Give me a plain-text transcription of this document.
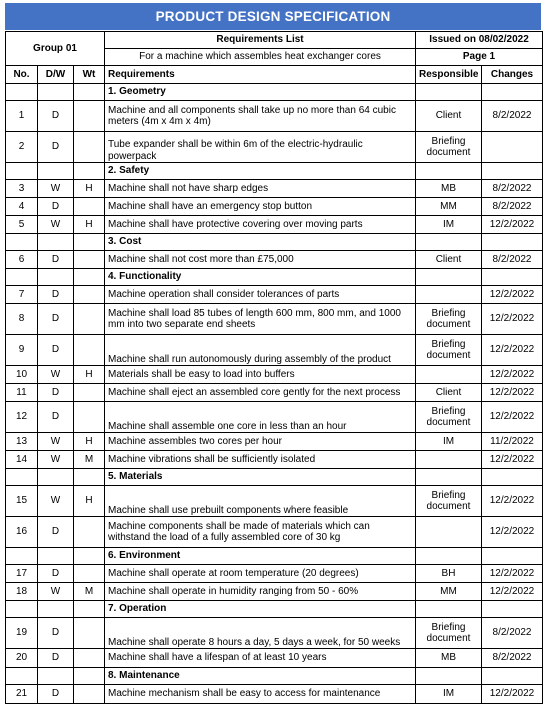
PRODUCT DESIGN SPECIFICATION
Group 01			Requirements List	Issued on 08/02/2022	
			For a machine which assembles heat exchanger cores	Page 1	
No.	D/W	Wt	Requirements	Responsible	Changes
			1. Geometry		
1	D		Machine and all components shall take up no more than 64 cubic meters (4m x 4m x 4m)	Client	8/2/2022
2	D		Tube expander shall be within 6m of the electric-hydraulic powerpack	Briefing document	
			2. Safety		
3	W	H	Machine shall not have sharp edges	MB	8/2/2022
4	D		Machine shall have an emergency stop button	MM	8/2/2022
5	W	H	Machine shall have protective covering over moving parts	IM	12/2/2022
			3. Cost		
6	D		Machine shall not cost more than £75,000	Client	8/2/2022
			4. Functionality		
7	D		Machine operation shall consider tolerances of parts		12/2/2022
8	D		Machine shall load 85 tubes of length 600 mm, 800 mm, and 1000 mm into two separate end sheets	Briefing document	12/2/2022
9	D		Machine shall run autonomously during assembly of the product	Briefing document	12/2/2022
10	W	H	Materials shall be easy to load into buffers		12/2/2022
11	D		Machine shall eject an assembled core gently for the next process	Client	12/2/2022
12	D		Machine shall assemble one core in less than an hour	Briefing document	12/2/2022
13	W	H	Machine assembles two cores per hour	IM	11/2/2022
14	W	M	Machine vibrations shall be sufficiently isolated		12/2/2022
			5. Materials		
15	W	H	Machine shall use prebuilt components where feasible	Briefing document	12/2/2022
16	D		Machine components shall be made of materials which can withstand the load of a fully assembled core of 30 kg		12/2/2022
			6. Environment		
17	D		Machine shall operate at room temperature (20 degrees)	BH	12/2/2022
18	W	M	Machine shall operate in humidity ranging from 50 - 60%	MM	12/2/2022
			7. Operation		
19	D		Machine shall operate 8 hours a day, 5 days a week, for 50 weeks	Briefing document	8/2/2022
20	D		Machine shall have a lifespan of at least 10 years	MB	8/2/2022
			8. Maintenance		
21	D		Machine mechanism shall be easy to access for maintenance	IM	12/2/2022
